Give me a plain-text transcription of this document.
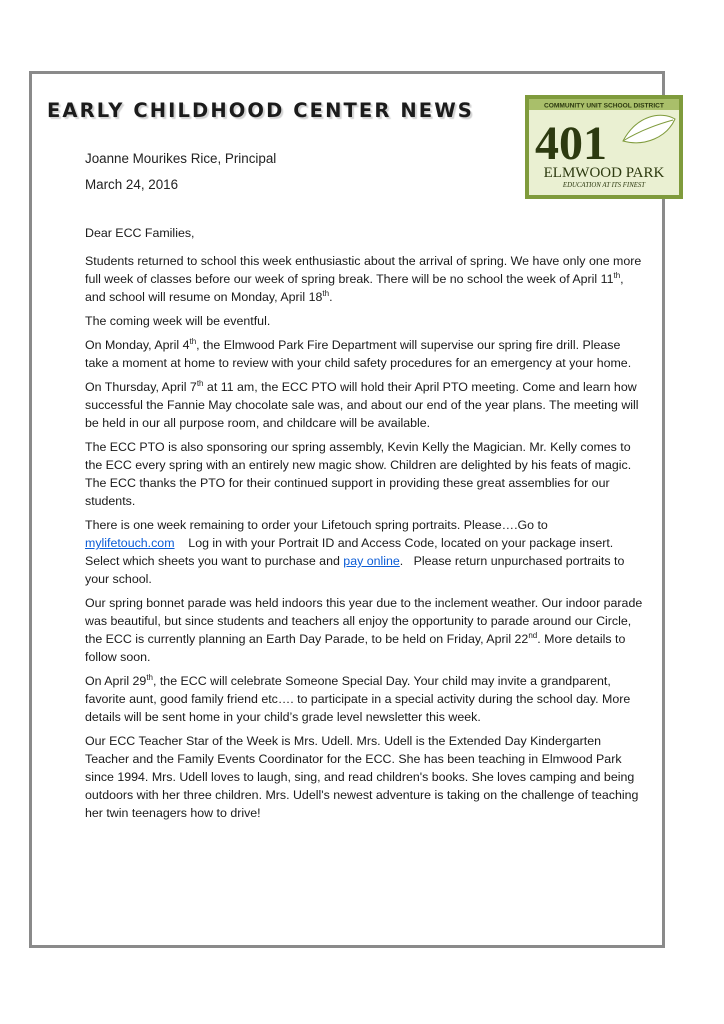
EARLY CHILDHOOD CENTER NEWS	COMMUNITY UNIT SCHOOL DISTRICT
401
ELMWOOD PARK
EDUCATION AT ITS FINEST
Joanne Mourikes Rice, Principal
March 24, 2016

Dear ECC Families,

Students returned to school this week enthusiastic about the arrival of spring. We have only one more full week of classes before our week of spring break. There will be no school the week of April 11th, and school will resume on Monday, April 18th.

The coming week will be eventful.

On Monday, April 4th, the Elmwood Park Fire Department will supervise our spring fire drill. Please take a moment at home to review with your child safety procedures for an emergency at your home.

On Thursday, April 7th at 11 am, the ECC PTO will hold their April PTO meeting. Come and learn how successful the Fannie May chocolate sale was, and about our end of the year plans. The meeting will be held in our all purpose room, and childcare will be available.

The ECC PTO is also sponsoring our spring assembly, Kevin Kelly the Magician. Mr. Kelly comes to the ECC every spring with an entirely new magic show. Children are delighted by his feats of magic. The ECC thanks the PTO for their continued support in providing these great assemblies for our students.

There is one week remaining to order your Lifetouch spring portraits. Please….Go to
mylifetouch.com    Log in with your Portrait ID and Access Code, located on your package insert.  Select which sheets you want to purchase and pay online.   Please return unpurchased portraits to your school.

Our spring bonnet parade was held indoors this year due to the inclement weather. Our indoor parade was beautiful, but since students and teachers all enjoy the opportunity to parade around our Circle, the ECC is currently planning an Earth Day Parade, to be held on Friday, April 22nd. More details to follow soon.

On April 29th, the ECC will celebrate Someone Special Day. Your child may invite a grandparent, favorite aunt, good family friend etc…. to participate in a special activity during the school day. More details will be sent home in your child’s grade level newsletter this week.

Our ECC Teacher Star of the Week is Mrs. Udell. Mrs. Udell is the Extended Day Kindergarten Teacher and the Family Events Coordinator for the ECC. She has been teaching in Elmwood Park since 1994. Mrs. Udell loves to laugh, sing, and read children's books. She loves camping and being outdoors with her three children. Mrs. Udell's newest adventure is taking on the challenge of teaching her twin teenagers how to drive!
